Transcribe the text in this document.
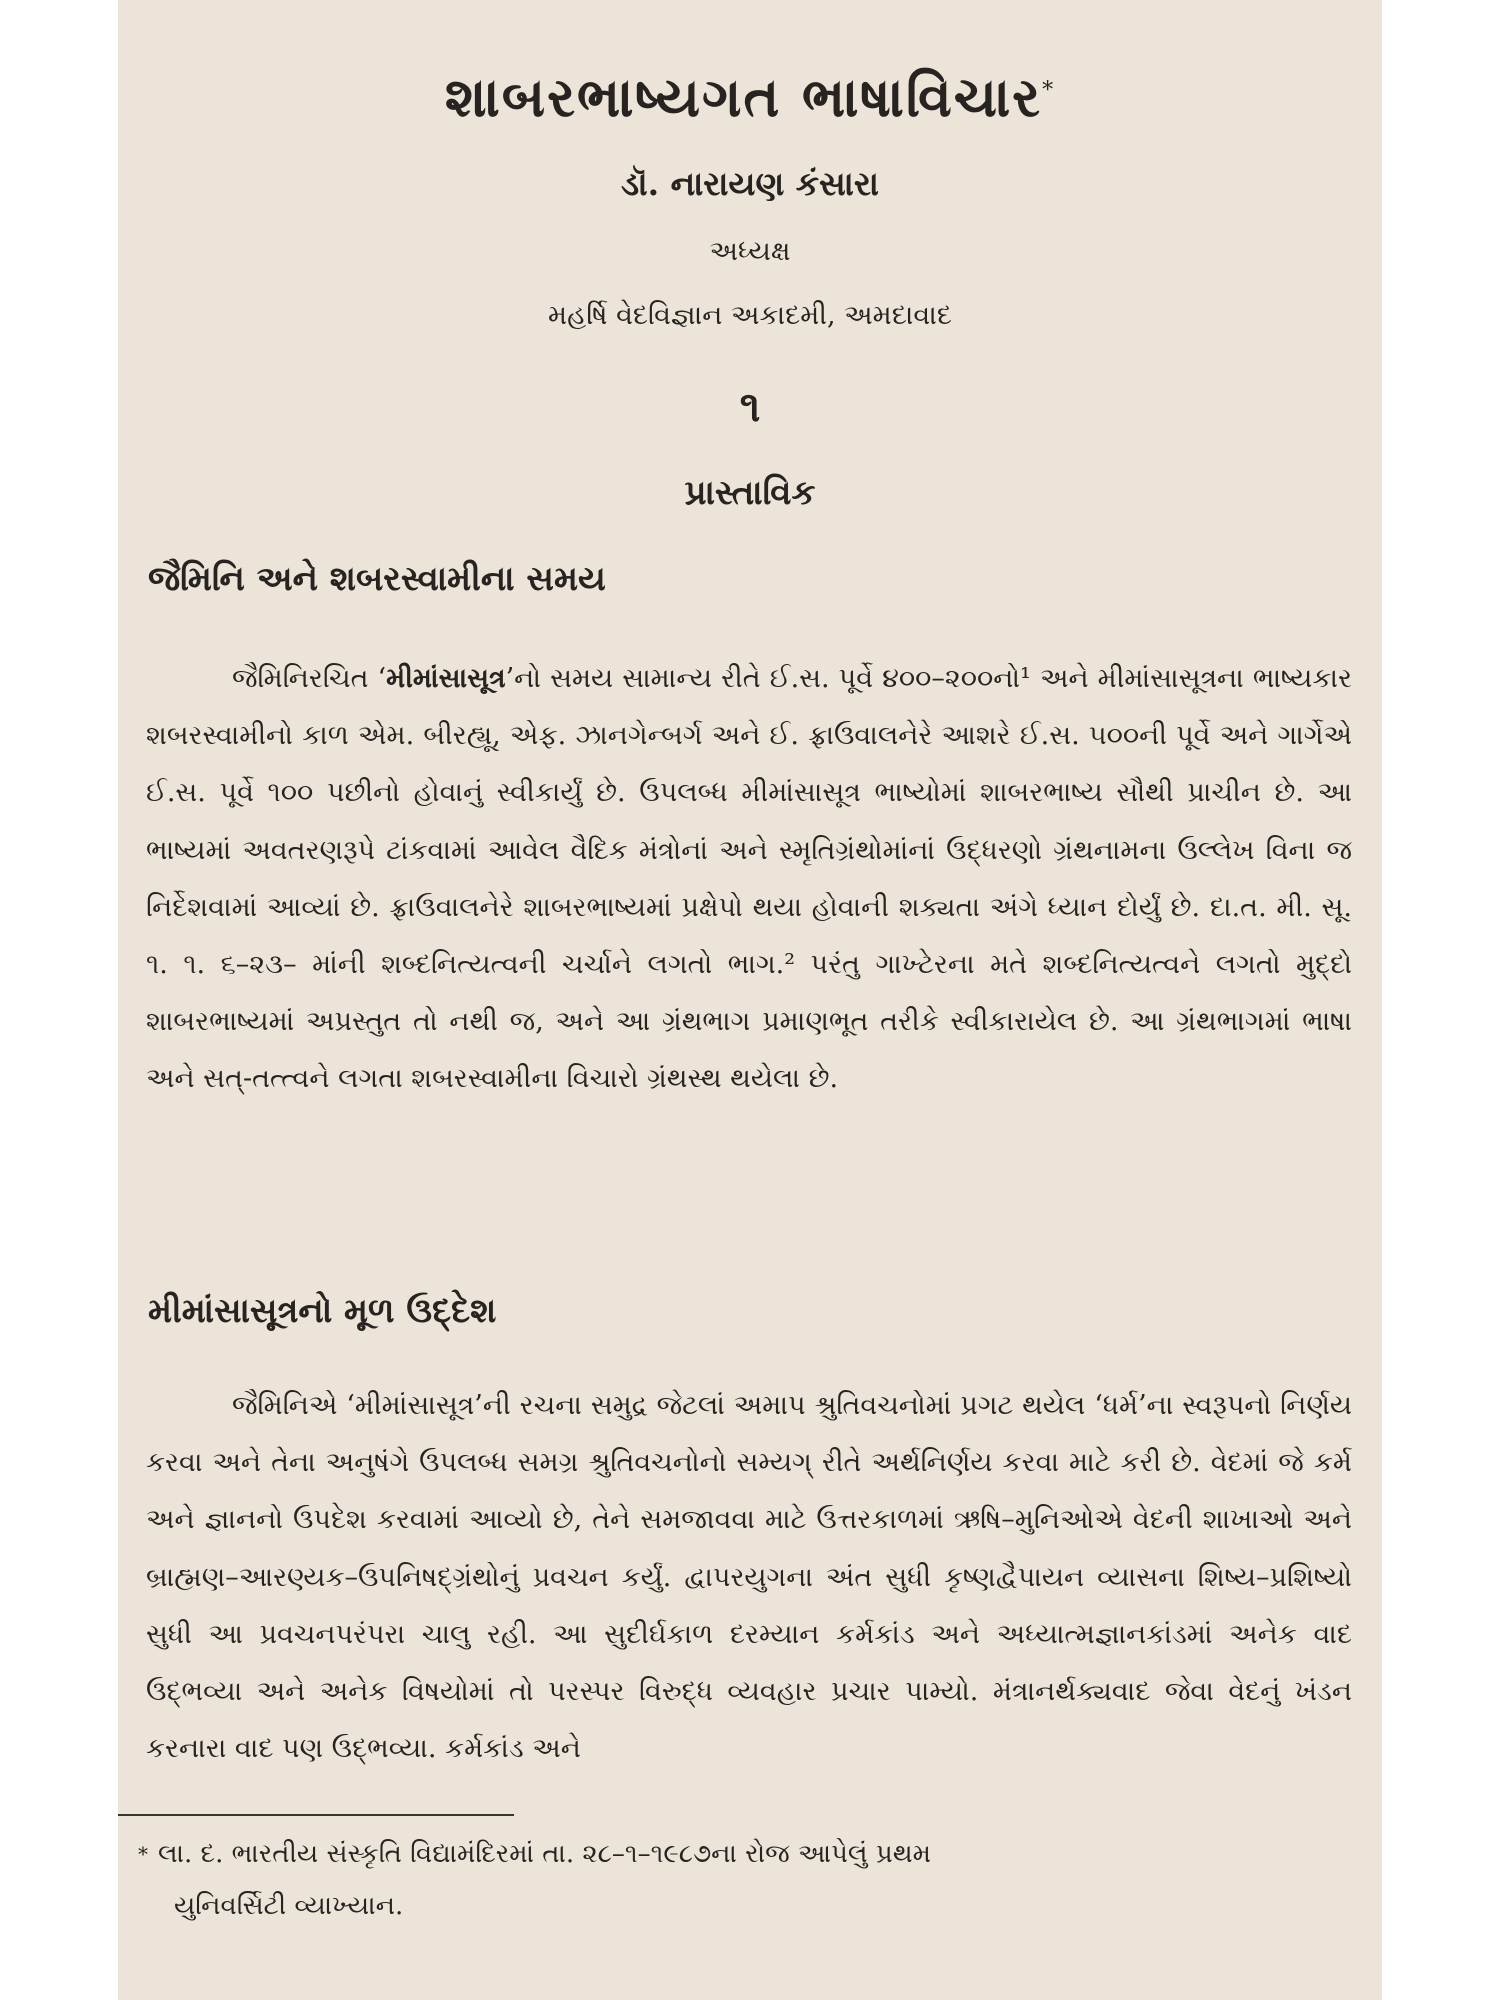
શાબરભાષ્યગત ભાષાવિચાર*
ડૉ. નારાયણ કંસારા
અધ્યક્ષ
મહર્ષિ વેદવિજ્ઞાન અકાદમી, અમદાવાદ
૧
પ્રાસ્તાવિક
જૈમિનિ અને શબરસ્વામીના સમય

જૈમિનિરચિત ‘મીમાંસાસૂત્ર’નો સમય સામાન્ય રીતે ઈ.સ. પૂર્વે ૪૦૦–૨૦૦નો¹ અને મીમાંસાસૂત્રના ભાષ્યકાર શબરસ્વામીનો કાળ એમ. બીરહ્યૂ, એફ. ઝાનગેન્બર્ગ અને ઈ. ફ્રાઉવાલનેરે આશરે ઈ.સ. ૫૦૦ની પૂર્વે અને ગાર્ગેએ ઈ.સ. પૂર્વે ૧૦૦ પછીનો હોવાનું સ્વીકાર્યું છે. ઉપલબ્ધ મીમાંસાસૂત્ર ભાષ્યોમાં શાબરભાષ્ય સૌથી પ્રાચીન છે. આ ભાષ્યમાં અવતરણરૂપે ટાંકવામાં આવેલ વૈદિક મંત્રોનાં અને સ્મૃતિગ્રંથોમાંનાં ઉદ્ધરણો ગ્રંથનામના ઉલ્લેખ વિના જ નિર્દેશવામાં આવ્યાં છે. ફ્રાઉવાલનેરે શાબરભાષ્યમાં પ્રક્ષેપો થયા હોવાની શક્યતા અંગે ધ્યાન દોર્યું છે. દા.ત. મી. સૂ. ૧. ૧. ૬–૨૩– માંની શબ્દનિત્યત્વની ચર્ચાને લગતો ભાગ.² પરંતુ ગાખ્ટેરના મતે શબ્દનિત્યત્વને લગતો મુદ્દો શાબરભાષ્યમાં અપ્રસ્તુત તો નથી જ, અને આ ગ્રંથભાગ પ્રમાણભૂત તરીકે સ્વીકારાયેલ છે. આ ગ્રંથભાગમાં ભાષા અને સત્-તત્ત્વને લગતા શબરસ્વામીના વિચારો ગ્રંથસ્થ થયેલા છે.

મીમાંસાસૂત્રનો મૂળ ઉદ્દેશ

જૈમિનિએ ‘મીમાંસાસૂત્ર’ની રચના સમુદ્ર જેટલાં અમાપ શ્રુતિવચનોમાં પ્રગટ થયેલ ‘ધર્મ’ના સ્વરૂપનો નિર્ણય કરવા અને તેના અનુષંગે ઉપલબ્ધ સમગ્ર શ્રુતિવચનોનો સમ્યગ્ રીતે અર્થનિર્ણય કરવા માટે કરી છે. વેદમાં જે કર્મ અને જ્ઞાનનો ઉપદેશ કરવામાં આવ્યો છે, તેને સમજાવવા માટે ઉત્તરકાળમાં ઋષિ–મુનિઓએ વેદની શાખાઓ અને બ્રાહ્મણ–આરણ્યક–ઉપનિષદ્‌ગ્રંથોનું પ્રવચન કર્યું. દ્વાપરયુગના અંત સુધી કૃષ્ણદ્વૈપાયન વ્યાસના શિષ્ય–પ્રશિષ્યો સુધી આ પ્રવચનપરંપરા ચાલુ રહી. આ સુદીર્ઘકાળ દરમ્યાન કર્મકાંડ અને અધ્યાત્મજ્ઞાનકાંડમાં અનેક વાદ ઉદ્‌ભવ્યા અને અનેક વિષયોમાં તો પરસ્પર વિરુદ્ધ વ્યવહાર પ્રચાર પામ્યો. મંત્રાનર્થક્યવાદ જેવા વેદનું ખંડન કરનારા વાદ પણ ઉદ્‌ભવ્યા. કર્મકાંડ અને

* લા. દ. ભારતીય સંસ્કૃતિ વિદ્યામંદિરમાં તા. ૨૮–૧–૧૯૮૭ના રોજ આપેલું પ્રથમ
યુનિવર્સિટી વ્યાખ્યાન.
